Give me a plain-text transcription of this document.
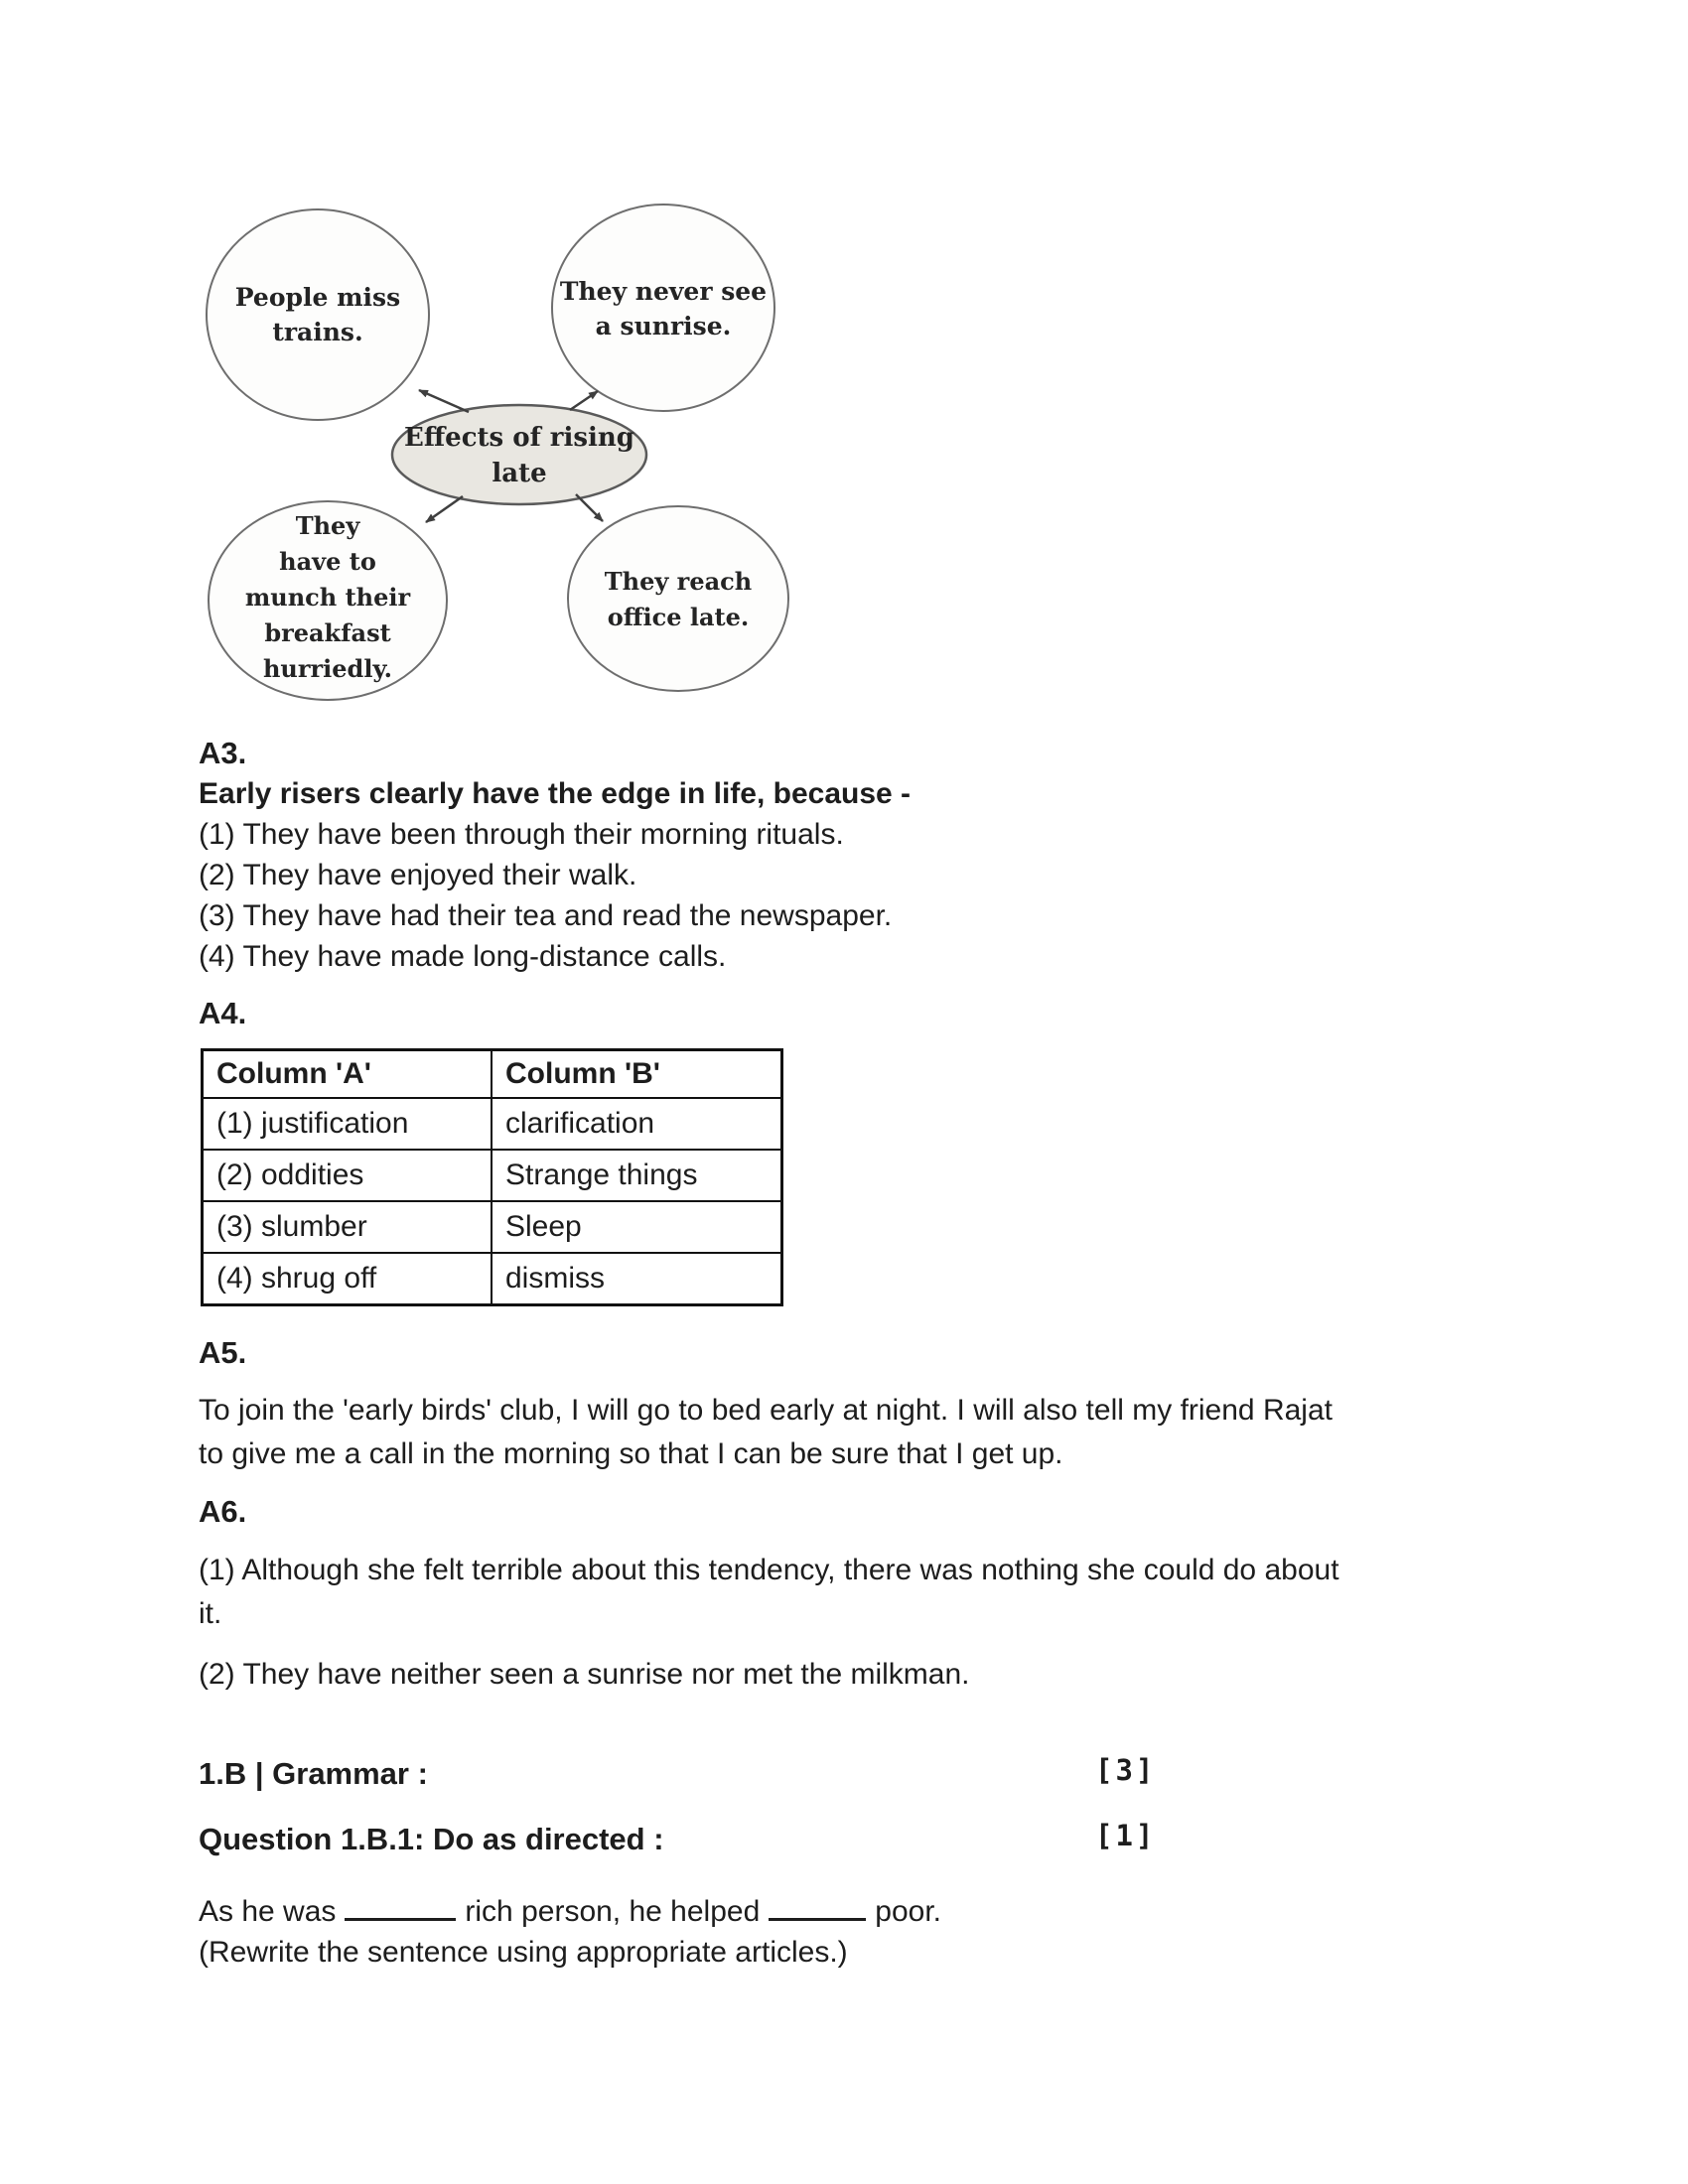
People miss
trains.
They never see
a sunrise.
Effects of rising
late
They
have to
munch their
breakfast
hurriedly.
They reach
office late.
A3.
Early risers clearly have the edge in life, because -
(1) They have been through their morning rituals.
(2) They have enjoyed their walk.
(3) They have had their tea and read the newspaper.
(4) They have made long-distance calls.
A4.
Column 'A'	Column 'B'
(1) justification	clarification
(2) oddities	Strange things
(3) slumber	Sleep
(4) shrug off	dismiss
A5.
To join the 'early birds' club, I will go to bed early at night. I will also tell my friend Rajat
to give me a call in the morning so that I can be sure that I get up.
A6.
(1) Although she felt terrible about this tendency, there was nothing she could do about
it.
(2) They have neither seen a sunrise nor met the milkman.
1.B | Grammar :	[3]
Question 1.B.1: Do as directed :	[1]
As he was	rich person, he helped	poor.
(Rewrite the sentence using appropriate articles.)
